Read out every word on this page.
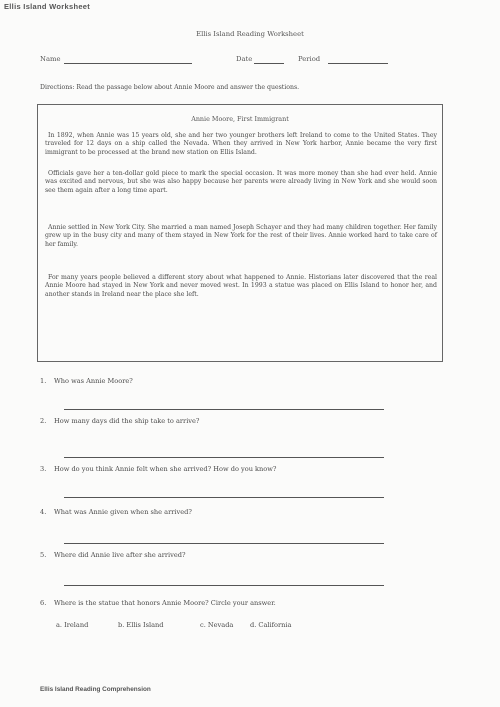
Ellis Island Worksheet
Ellis Island Reading Worksheet
Name	Date	Period
Directions: Read the passage below about Annie Moore and answer the questions.
Annie Moore, First Immigrant

In 1892, when Annie was 15 years old, she and her two younger brothers left Ireland to come to the United States. They traveled for 12 days on a ship called the Nevada. When they arrived in New York harbor, Annie became the very first immigrant to be processed at the brand new station on Ellis Island.

Officials gave her a ten-dollar gold piece to mark the special occasion. It was more money than she had ever held. Annie was excited and nervous, but she was also happy because her parents were already living in New York and she would soon see them again after a long time apart.

Annie settled in New York City. She married a man named Joseph Schayer and they had many children together. Her family grew up in the busy city and many of them stayed in New York for the rest of their lives. Annie worked hard to take care of her family.

For many years people believed a different story about what happened to Annie. Historians later discovered that the real Annie Moore had stayed in New York and never moved west. In 1993 a statue was placed on Ellis Island to honor her, and another stands in Ireland near the place she left.

1. Who was Annie Moore?
2. How many days did the ship take to arrive?
3. How do you think Annie felt when she arrived? How do you know?
4. What was Annie given when she arrived?
5. Where did Annie live after she arrived?
6. Where is the statue that honors Annie Moore? Circle your answer.
a. Ireland	b. Ellis Island	c. Nevada	d. California
Ellis Island Reading Comprehension
